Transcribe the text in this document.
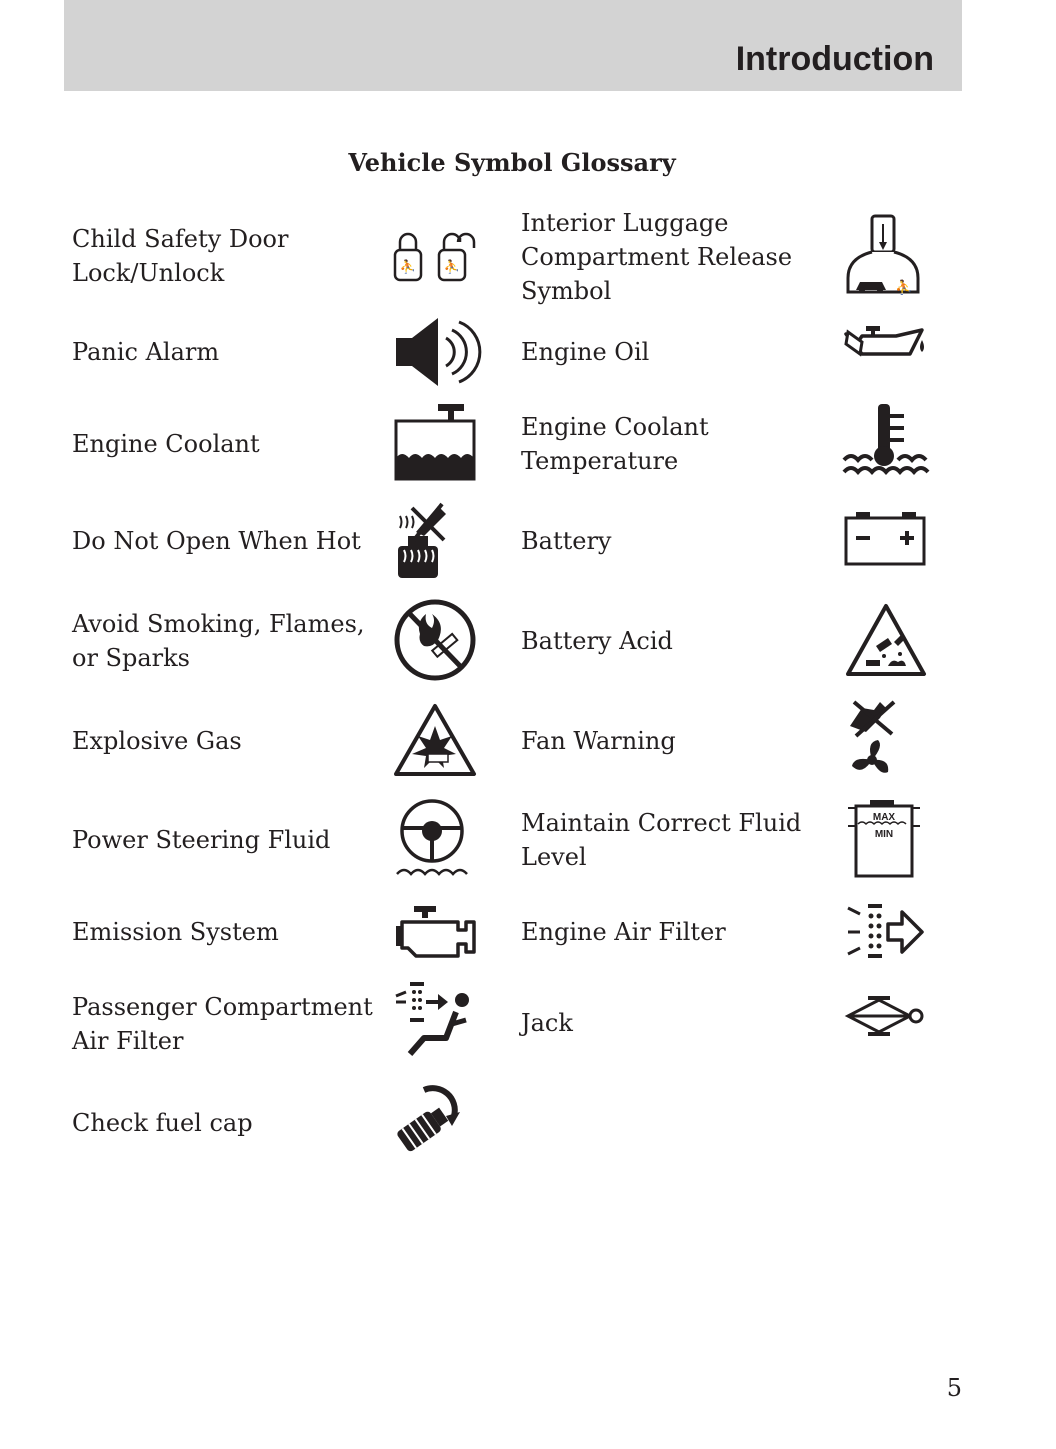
Introduction
Vehicle Symbol Glossary
Child Safety Door
Lock/Unlock	⛹ ⛹
Panic Alarm
Engine Coolant
Do Not Open When Hot
Avoid Smoking, Flames,
or Sparks
Explosive Gas
Power Steering Fluid
Emission System
Passenger Compartment
Air Filter
Check fuel cap
Interior Luggage
Compartment Release
Symbol	⛹
Engine Oil
Engine Coolant
Temperature
Battery
Battery Acid
Fan Warning
Maintain Correct Fluid
Level
MAX
MIN
Engine Air Filter
Jack
5
